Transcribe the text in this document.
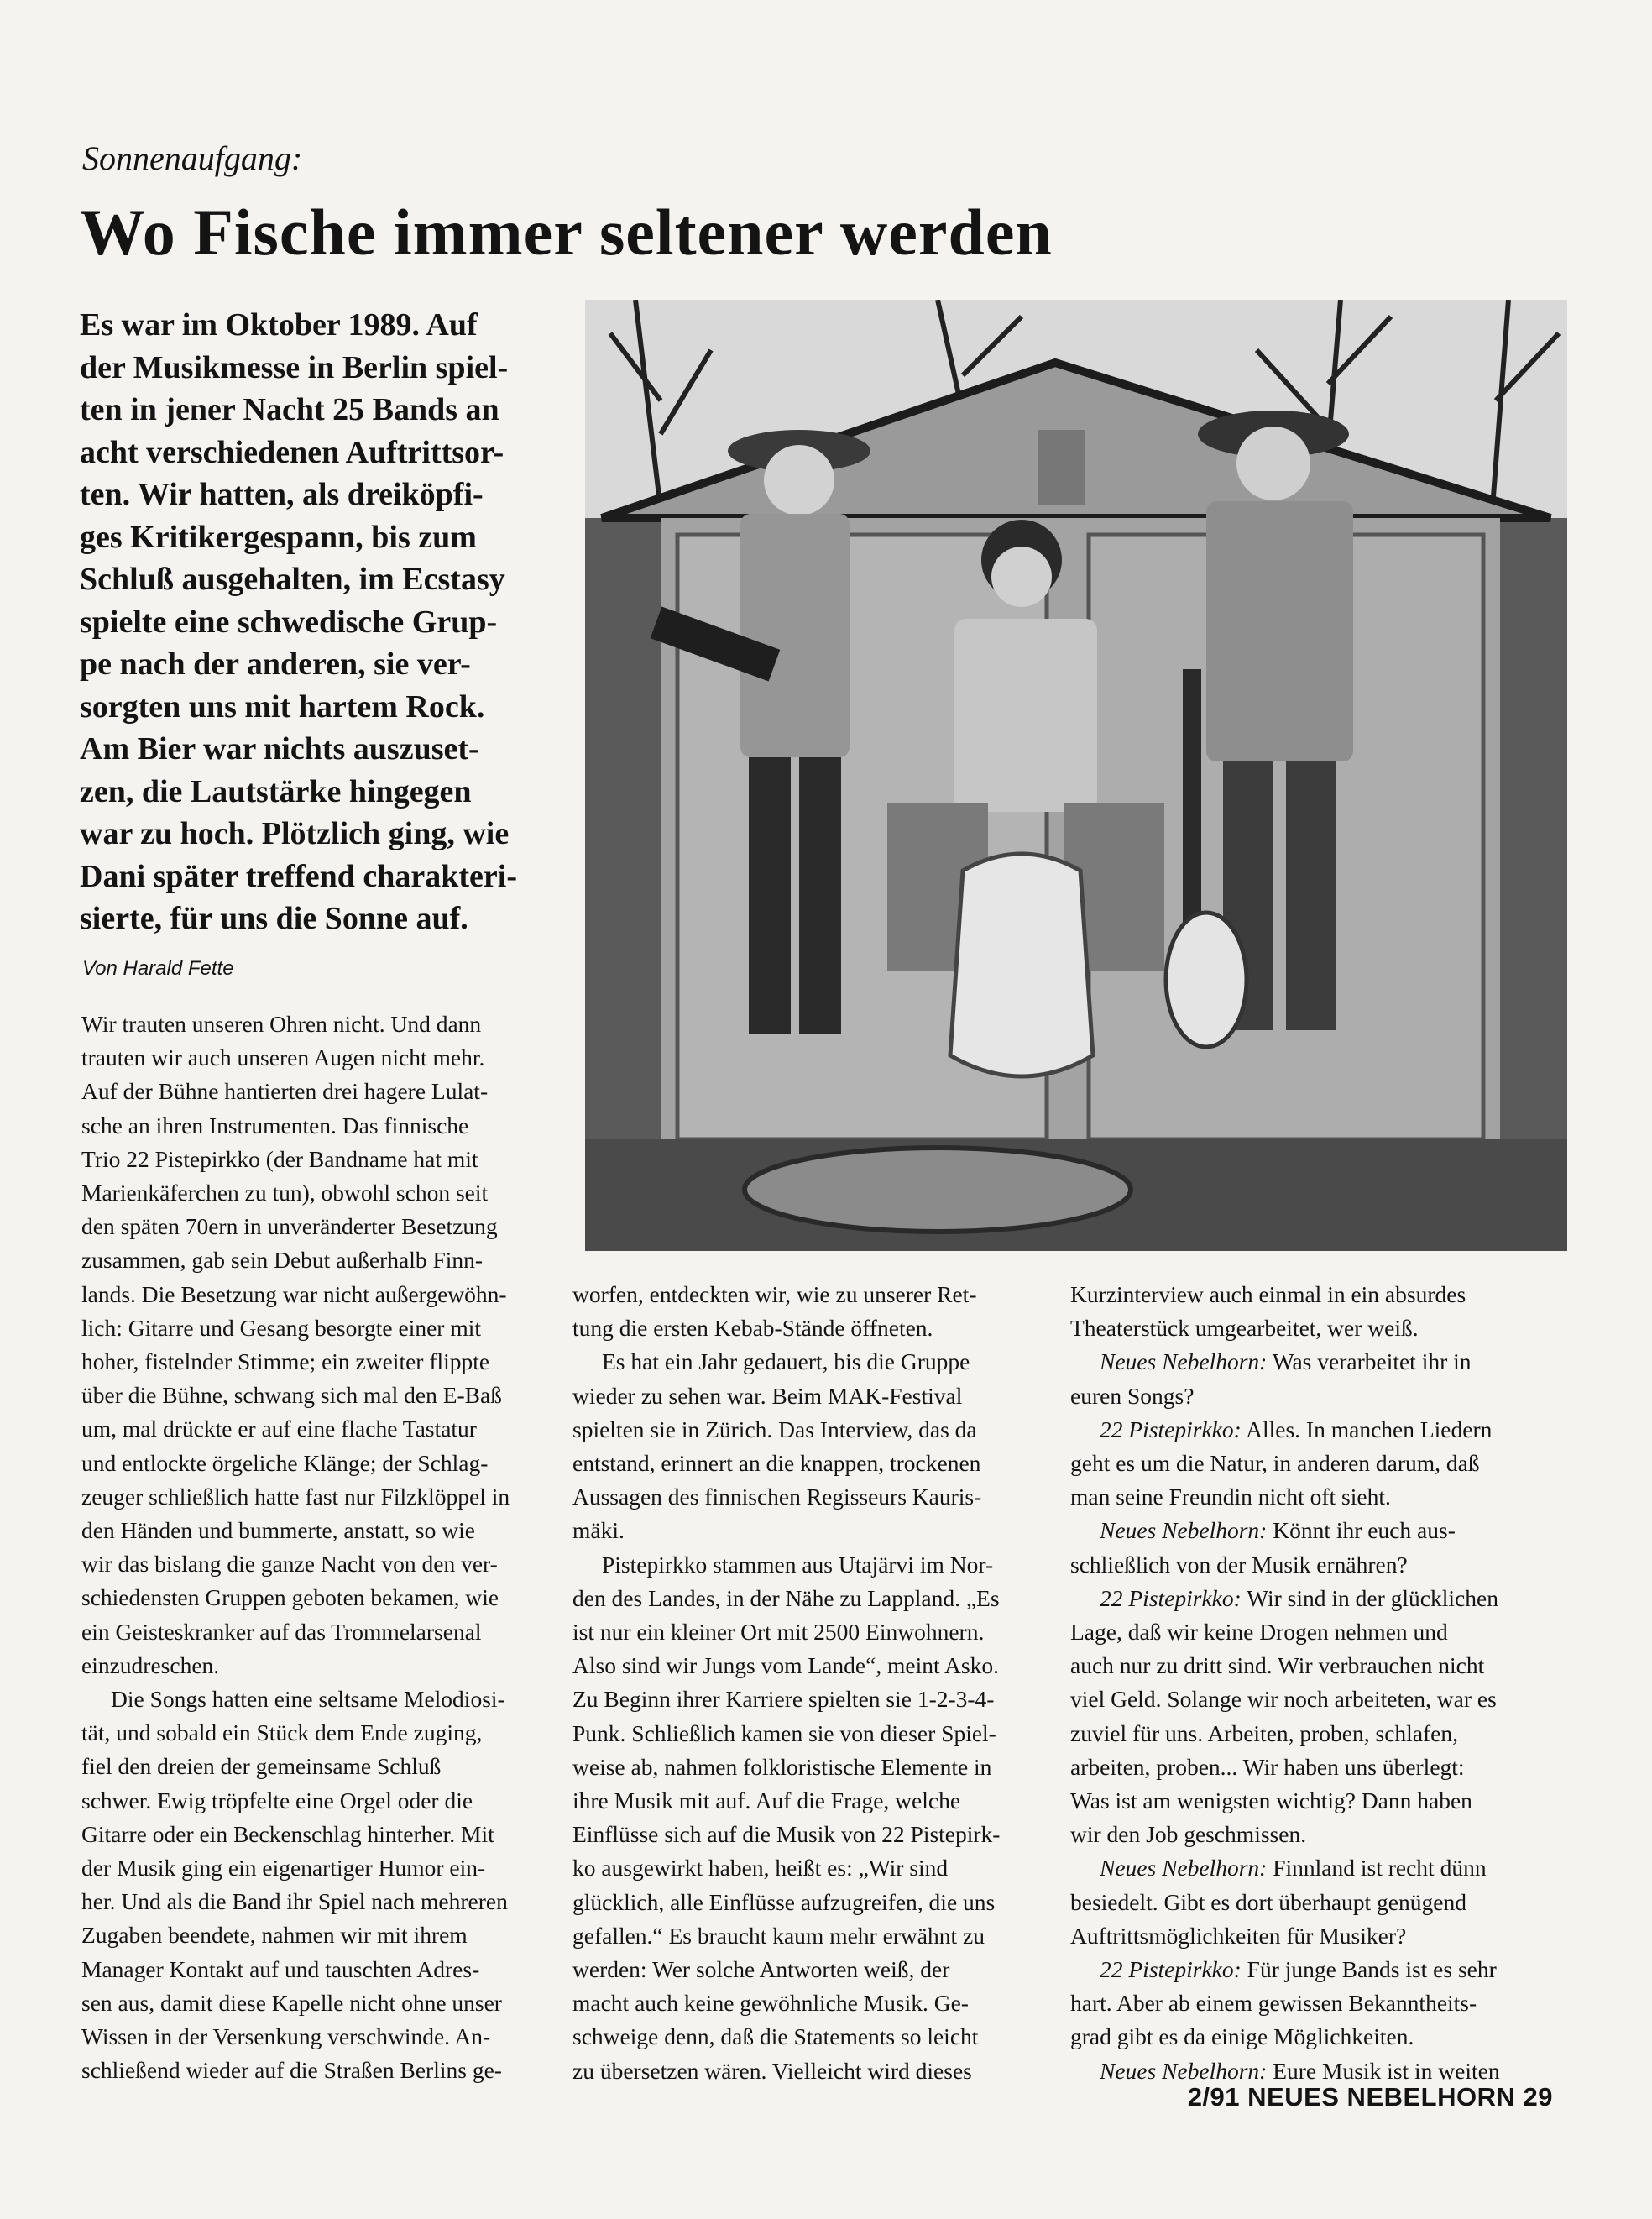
Sonnenaufgang:
Wo Fische immer seltener werden
Es war im Oktober 1989. Auf
der Musikmesse in Berlin spiel-
ten in jener Nacht 25 Bands an
acht verschiedenen Auftrittsor-
ten. Wir hatten, als dreiköpfi-
ges Kritikergespann, bis zum
Schluß ausgehalten, im Ecstasy
spielte eine schwedische Grup-
pe nach der anderen, sie ver-
sorgten uns mit hartem Rock.
Am Bier war nichts auszuset-
zen, die Lautstärke hingegen
war zu hoch. Plötzlich ging, wie
Dani später treffend charakteri-
sierte, für uns die Sonne auf.
Von Harald Fette

Wir trauten unseren Ohren nicht. Und dann
trauten wir auch unseren Augen nicht mehr.
Auf der Bühne hantierten drei hagere Lulat-
sche an ihren Instrumenten. Das finnische
Trio 22 Pistepirkko (der Bandname hat mit
Marienkäferchen zu tun), obwohl schon seit
den späten 70ern in unveränderter Besetzung
zusammen, gab sein Debut außerhalb Finn-
lands. Die Besetzung war nicht außergewöhn-
lich: Gitarre und Gesang besorgte einer mit
hoher, fistelnder Stimme; ein zweiter flippte
über die Bühne, schwang sich mal den E-Baß
um, mal drückte er auf eine flache Tastatur
und entlockte örgeliche Klänge; der Schlag-
zeuger schließlich hatte fast nur Filzklöppel in
den Händen und bummerte, anstatt, so wie
wir das bislang die ganze Nacht von den ver-
schiedensten Gruppen geboten bekamen, wie
ein Geisteskranker auf das Trommelarsenal
einzudreschen.

Die Songs hatten eine seltsame Melodiosi-
tät, und sobald ein Stück dem Ende zuging,
fiel den dreien der gemeinsame Schluß
schwer. Ewig tröpfelte eine Orgel oder die
Gitarre oder ein Beckenschlag hinterher. Mit
der Musik ging ein eigenartiger Humor ein-
her. Und als die Band ihr Spiel nach mehreren
Zugaben beendete, nahmen wir mit ihrem
Manager Kontakt auf und tauschten Adres-
sen aus, damit diese Kapelle nicht ohne unser
Wissen in der Versenkung verschwinde. An-
schließend wieder auf die Straßen Berlins ge-

worfen, entdeckten wir, wie zu unserer Ret-
tung die ersten Kebab-Stände öffneten.

Es hat ein Jahr gedauert, bis die Gruppe
wieder zu sehen war. Beim MAK-Festival
spielten sie in Zürich. Das Interview, das da
entstand, erinnert an die knappen, trockenen
Aussagen des finnischen Regisseurs Kauris-
mäki.

Pistepirkko stammen aus Utajärvi im Nor-
den des Landes, in der Nähe zu Lappland. „Es
ist nur ein kleiner Ort mit 2500 Einwohnern.
Also sind wir Jungs vom Lande“, meint Asko.
Zu Beginn ihrer Karriere spielten sie 1-2-3-4-
Punk. Schließlich kamen sie von dieser Spiel-
weise ab, nahmen folkloristische Elemente in
ihre Musik mit auf. Auf die Frage, welche
Einflüsse sich auf die Musik von 22 Pistepirk-
ko ausgewirkt haben, heißt es: „Wir sind
glücklich, alle Einflüsse aufzugreifen, die uns
gefallen.“ Es braucht kaum mehr erwähnt zu
werden: Wer solche Antworten weiß, der
macht auch keine gewöhnliche Musik. Ge-
schweige denn, daß die Statements so leicht
zu übersetzen wären. Vielleicht wird dieses

Kurzinterview auch einmal in ein absurdes
Theaterstück umgearbeitet, wer weiß.

Neues Nebelhorn: Was verarbeitet ihr in
euren Songs?

22 Pistepirkko: Alles. In manchen Liedern
geht es um die Natur, in anderen darum, daß
man seine Freundin nicht oft sieht.

Neues Nebelhorn: Könnt ihr euch aus-
schließlich von der Musik ernähren?

22 Pistepirkko: Wir sind in der glücklichen
Lage, daß wir keine Drogen nehmen und
auch nur zu dritt sind. Wir verbrauchen nicht
viel Geld. Solange wir noch arbeiteten, war es
zuviel für uns. Arbeiten, proben, schlafen,
arbeiten, proben... Wir haben uns überlegt:
Was ist am wenigsten wichtig? Dann haben
wir den Job geschmissen.

Neues Nebelhorn: Finnland ist recht dünn
besiedelt. Gibt es dort überhaupt genügend
Auftrittsmöglichkeiten für Musiker?

22 Pistepirkko: Für junge Bands ist es sehr
hart. Aber ab einem gewissen Bekanntheits-
grad gibt es da einige Möglichkeiten.

Neues Nebelhorn: Eure Musik ist in weiten

2/91 NEUES NEBELHORN 29
